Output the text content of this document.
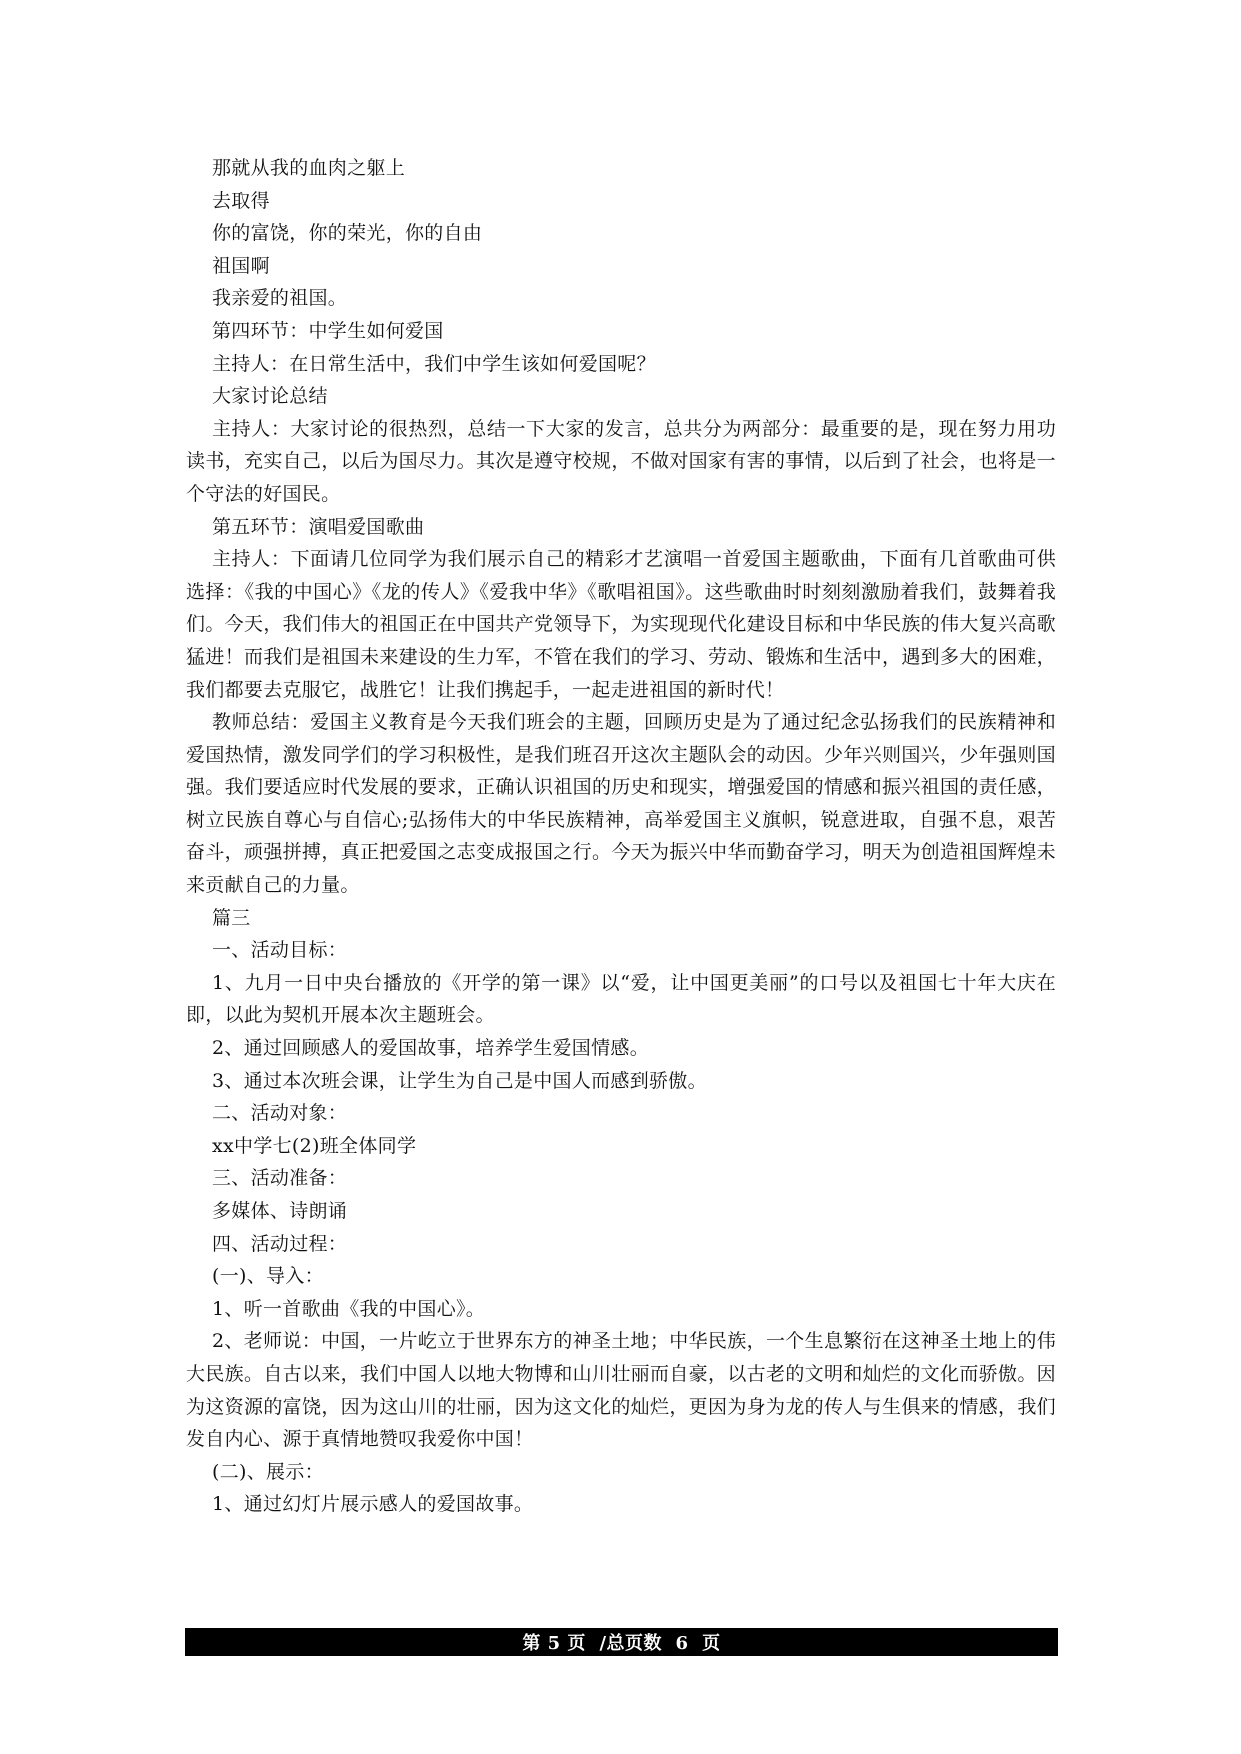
那就从我的血肉之躯上

去取得

你的富饶，你的荣光，你的自由

祖国啊

我亲爱的祖国。

第四环节：中学生如何爱国

主持人：在日常生活中，我们中学生该如何爱国呢？

大家讨论总结

主持人：大家讨论的很热烈，总结一下大家的发言，总共分为两部分：最重要的是，现在努力用功读书，充实自己，以后为国尽力。其次是遵守校规，不做对国家有害的事情，以后到了社会，也将是一个守法的好国民。

第五环节：演唱爱国歌曲

主持人：下面请几位同学为我们展示自己的精彩才艺演唱一首爱国主题歌曲，下面有几首歌曲可供选择：《我的中国心》《龙的传人》《爱我中华》《歌唱祖国》。这些歌曲时时刻刻激励着我们，鼓舞着我们。今天，我们伟大的祖国正在中国共产党领导下，为实现现代化建设目标和中华民族的伟大复兴高歌猛进！而我们是祖国未来建设的生力军，不管在我们的学习、劳动、锻炼和生活中，遇到多大的困难，我们都要去克服它，战胜它！让我们携起手，一起走进祖国的新时代！

教师总结：爱国主义教育是今天我们班会的主题，回顾历史是为了通过纪念弘扬我们的民族精神和爱国热情，激发同学们的学习积极性，是我们班召开这次主题队会的动因。少年兴则国兴，少年强则国强。我们要适应时代发展的要求，正确认识祖国的历史和现实，增强爱国的情感和振兴祖国的责任感，树立民族自尊心与自信心;弘扬伟大的中华民族精神，高举爱国主义旗帜，锐意进取，自强不息，艰苦奋斗，顽强拼搏，真正把爱国之志变成报国之行。今天为振兴中华而勤奋学习，明天为创造祖国辉煌未来贡献自己的力量。

篇三

一、活动目标：

1、九月一日中央台播放的《开学的第一课》以“爱，让中国更美丽”的口号以及祖国七十年大庆在即，以此为契机开展本次主题班会。

2、通过回顾感人的爱国故事，培养学生爱国情感。

3、通过本次班会课，让学生为自己是中国人而感到骄傲。

二、活动对象：

xx中学七(2)班全体同学

三、活动准备：

多媒体、诗朗诵

四、活动过程：

(一)、导入：

1、听一首歌曲《我的中国心》。

2、老师说：中国，一片屹立于世界东方的神圣土地；中华民族，一个生息繁衍在这神圣土地上的伟大民族。自古以来，我们中国人以地大物博和山川壮丽而自豪，以古老的文明和灿烂的文化而骄傲。因为这资源的富饶，因为这山川的壮丽，因为这文化的灿烂，更因为身为龙的传人与生俱来的情感，我们发自内心、源于真情地赞叹我爱你中国！

(二)、展示：

1、通过幻灯片展示感人的爱国故事。

第 5 页  /总页数  6  页
